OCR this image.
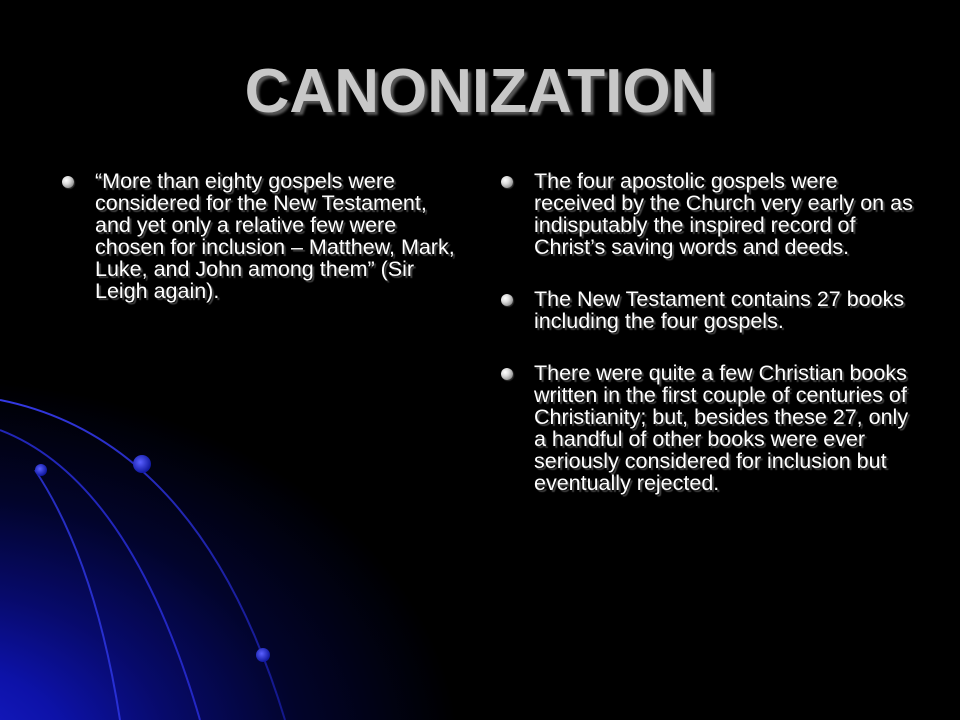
CANONIZATION
“More than eighty gospels were considered for the New Testament, and yet only a relative few were chosen for inclusion – Matthew, Mark, Luke, and John among them” (Sir Leigh again).
The four apostolic gospels were received by the Church very early on as indisputably the inspired record of Christ’s saving words and deeds.
The New Testament contains 27 books including the four gospels.
There were quite a few Christian books written in the first couple of centuries of Christianity; but, besides these 27, only a handful of other books were ever seriously considered for inclusion but eventually rejected.
